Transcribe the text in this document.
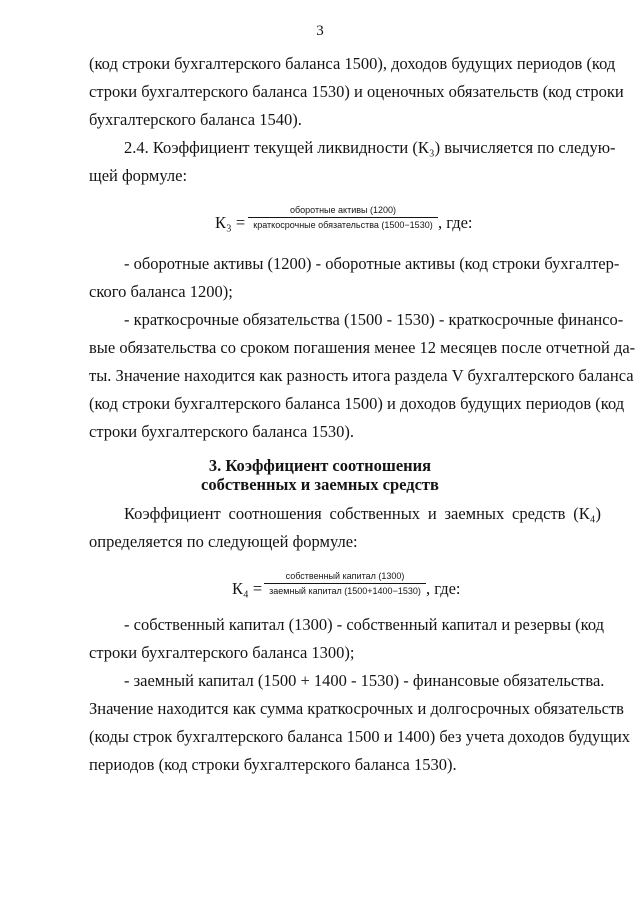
3
(код строки бухгалтерского баланса 1500), доходов будущих периодов (код
строки бухгалтерского баланса 1530) и оценочных обязательств (код строки
бухгалтерского баланса 1540).
2.4. Коэффициент текущей ликвидности (К₃) вычисляется по следую-
щей формуле:
К₃ =
оборотные активы (1200)
краткосрочные обязательства (1500−1530) , где:
- оборотные активы (1200) - оборотные активы (код строки бухгалтер-
ского баланса 1200);
- краткосрочные обязательства (1500 - 1530) - краткосрочные финансо-
вые обязательства со сроком погашения менее 12 месяцев после отчетной да-
ты. Значение находится как разность итога раздела V бухгалтерского баланса
(код строки бухгалтерского баланса 1500) и доходов будущих периодов (код
строки бухгалтерского баланса 1530).
3. Коэффициент соотношения
собственных и заемных средств
Коэффициент соотношения собственных и заемных средств (К₄)
определяется по следующей формуле:
К₄ =
собственный капитал (1300)
заемный капитал (1500+1400−1530) , где:
- собственный капитал (1300) - собственный капитал и резервы (код
строки бухгалтерского баланса 1300);
- заемный капитал (1500 + 1400 - 1530) - финансовые обязательства.
Значение находится как сумма краткосрочных и долгосрочных обязательств
(коды строк бухгалтерского баланса 1500 и 1400) без учета доходов будущих
периодов (код строки бухгалтерского баланса 1530).
